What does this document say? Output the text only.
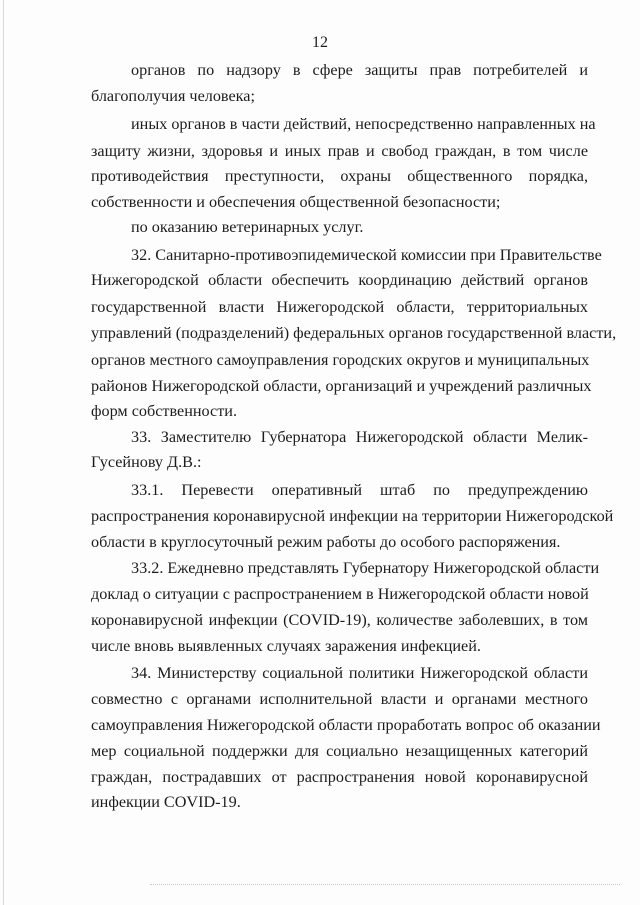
12
органов по надзору в сфере защиты прав потребителей и
благополучия человека;
иных органов в части действий, непосредственно направленных на
защиту жизни, здоровья и иных прав и свобод граждан, в том числе
противодействия преступности, охраны общественного порядка,
собственности и обеспечения общественной безопасности;
по оказанию ветеринарных услуг.
32. Санитарно-противоэпидемической комиссии при Правительстве
Нижегородской области обеспечить координацию действий органов
государственной власти Нижегородской области, территориальных
управлений (подразделений) федеральных органов государственной власти,
органов местного самоуправления городских округов и муниципальных
районов Нижегородской области, организаций и учреждений различных
форм собственности.
33. Заместителю Губернатора Нижегородской области Мелик-
Гусейнову Д.В.:
33.1. Перевести оперативный штаб по предупреждению
распространения коронавирусной инфекции на территории Нижегородской
области в круглосуточный режим работы до особого распоряжения.
33.2. Ежедневно представлять Губернатору Нижегородской области
доклад о ситуации с распространением в Нижегородской области новой
коронавирусной инфекции (COVID-19), количестве заболевших, в том
числе вновь выявленных случаях заражения инфекцией.
34. Министерству социальной политики Нижегородской области
совместно с органами исполнительной власти и органами местного
самоуправления Нижегородской области проработать вопрос об оказании
мер социальной поддержки для социально незащищенных категорий
граждан, пострадавших от распространения новой коронавирусной
инфекции COVID-19.
